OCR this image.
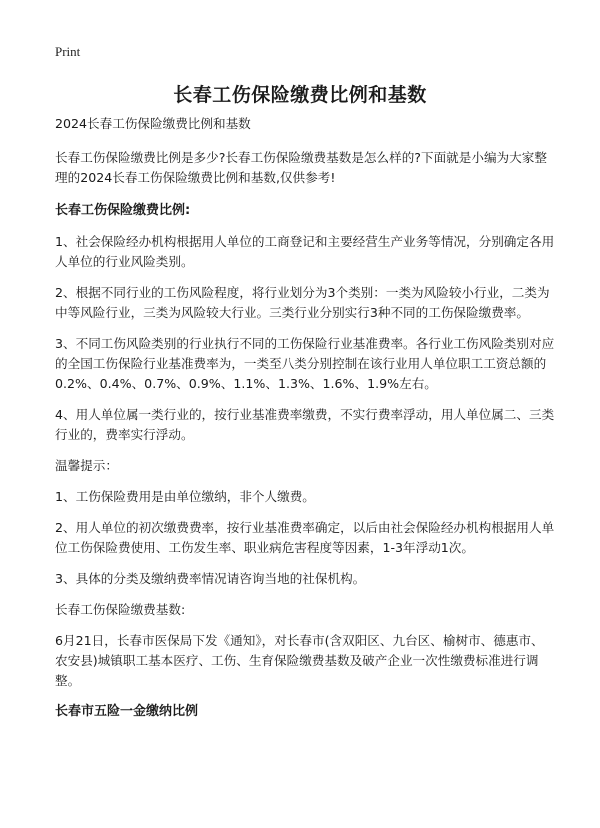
Print
长春工伤保险缴费比例和基数

2024长春工伤保险缴费比例和基数

长春工伤保险缴费比例是多少?长春工伤保险缴费基数是怎么样的?下面就是小编为大家整理的2024长春工伤保险缴费比例和基数,仅供参考!

长春工伤保险缴费比例:

1、社会保险经办机构根据用人单位的工商登记和主要经营生产业务等情况，分别确定各用人单位的行业风险类别。

2、根据不同行业的工伤风险程度，将行业划分为3个类别：一类为风险较小行业，二类为中等风险行业，三类为风险较大行业。三类行业分别实行3种不同的工伤保险缴费率。

3、不同工伤风险类别的行业执行不同的工伤保险行业基准费率。各行业工伤风险类别对应的全国工伤保险行业基准费率为，一类至八类分别控制在该行业用人单位职工工资总额的0.2%、0.4%、0.7%、0.9%、1.1%、1.3%、1.6%、1.9%左右。

4、用人单位属一类行业的，按行业基准费率缴费，不实行费率浮动，用人单位属二、三类行业的，费率实行浮动。

温馨提示：

1、工伤保险费用是由单位缴纳，非个人缴费。

2、用人单位的初次缴费费率，按行业基准费率确定，以后由社会保险经办机构根据用人单位工伤保险费使用、工伤发生率、职业病危害程度等因素，1-3年浮动1次。

3、具体的分类及缴纳费率情况请咨询当地的社保机构。

长春工伤保险缴费基数:

6月21日，长春市医保局下发《通知》，对长春市(含双阳区、九台区、榆树市、德惠市、农安县)城镇职工基本医疗、工伤、生育保险缴费基数及破产企业一次性缴费标准进行调整。

长春市五险一金缴纳比例
